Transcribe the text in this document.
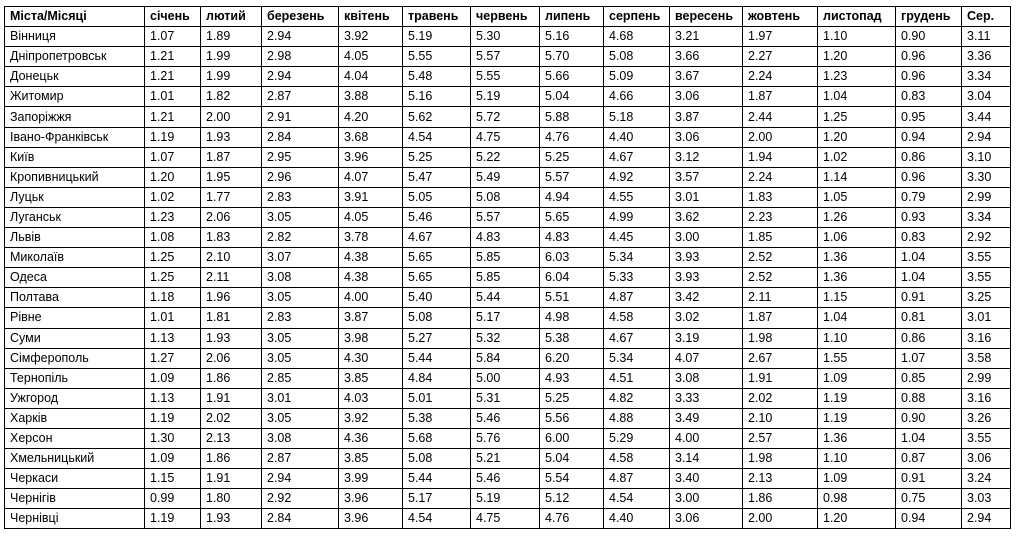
Міста/Місяці	січень	лютий	березень	квітень	травень	червень	липень	серпень	вересень	жовтень	листопад	грудень	Сер.
Вінниця	1.07	1.89	2.94	3.92	5.19	5.30	5.16	4.68	3.21	1.97	1.10	0.90	3.11
Дніпропетровськ	1.21	1.99	2.98	4.05	5.55	5.57	5.70	5.08	3.66	2.27	1.20	0.96	3.36
Донецьк	1.21	1.99	2.94	4.04	5.48	5.55	5.66	5.09	3.67	2.24	1.23	0.96	3.34
Житомир	1.01	1.82	2.87	3.88	5.16	5.19	5.04	4.66	3.06	1.87	1.04	0.83	3.04
Запоріжжя	1.21	2.00	2.91	4.20	5.62	5.72	5.88	5.18	3.87	2.44	1.25	0.95	3.44
Івано-Франківськ	1.19	1.93	2.84	3.68	4.54	4.75	4.76	4.40	3.06	2.00	1.20	0.94	2.94
Київ	1.07	1.87	2.95	3.96	5.25	5.22	5.25	4.67	3.12	1.94	1.02	0.86	3.10
Кропивницький	1.20	1.95	2.96	4.07	5.47	5.49	5.57	4.92	3.57	2.24	1.14	0.96	3.30
Луцьк	1.02	1.77	2.83	3.91	5.05	5.08	4.94	4.55	3.01	1.83	1.05	0.79	2.99
Луганськ	1.23	2.06	3.05	4.05	5.46	5.57	5.65	4.99	3.62	2.23	1.26	0.93	3.34
Львів	1.08	1.83	2.82	3.78	4.67	4.83	4.83	4.45	3.00	1.85	1.06	0.83	2.92
Миколаїв	1.25	2.10	3.07	4.38	5.65	5.85	6.03	5.34	3.93	2.52	1.36	1.04	3.55
Одеса	1.25	2.11	3.08	4.38	5.65	5.85	6.04	5.33	3.93	2.52	1.36	1.04	3.55
Полтава	1.18	1.96	3.05	4.00	5.40	5.44	5.51	4.87	3.42	2.11	1.15	0.91	3.25
Рівне	1.01	1.81	2.83	3.87	5.08	5.17	4.98	4.58	3.02	1.87	1.04	0.81	3.01
Суми	1.13	1.93	3.05	3.98	5.27	5.32	5.38	4.67	3.19	1.98	1.10	0.86	3.16
Сімферополь	1.27	2.06	3.05	4.30	5.44	5.84	6.20	5.34	4.07	2.67	1.55	1.07	3.58
Тернопіль	1.09	1.86	2.85	3.85	4.84	5.00	4.93	4.51	3.08	1.91	1.09	0.85	2.99
Ужгород	1.13	1.91	3.01	4.03	5.01	5.31	5.25	4.82	3.33	2.02	1.19	0.88	3.16
Харків	1.19	2.02	3.05	3.92	5.38	5.46	5.56	4.88	3.49	2.10	1.19	0.90	3.26
Херсон	1.30	2.13	3.08	4.36	5.68	5.76	6.00	5.29	4.00	2.57	1.36	1.04	3.55
Хмельницький	1.09	1.86	2.87	3.85	5.08	5.21	5.04	4.58	3.14	1.98	1.10	0.87	3.06
Черкаси	1.15	1.91	2.94	3.99	5.44	5.46	5.54	4.87	3.40	2.13	1.09	0.91	3.24
Чернігів	0.99	1.80	2.92	3.96	5.17	5.19	5.12	4.54	3.00	1.86	0.98	0.75	3.03
Чернівці	1.19	1.93	2.84	3.96	4.54	4.75	4.76	4.40	3.06	2.00	1.20	0.94	2.94
